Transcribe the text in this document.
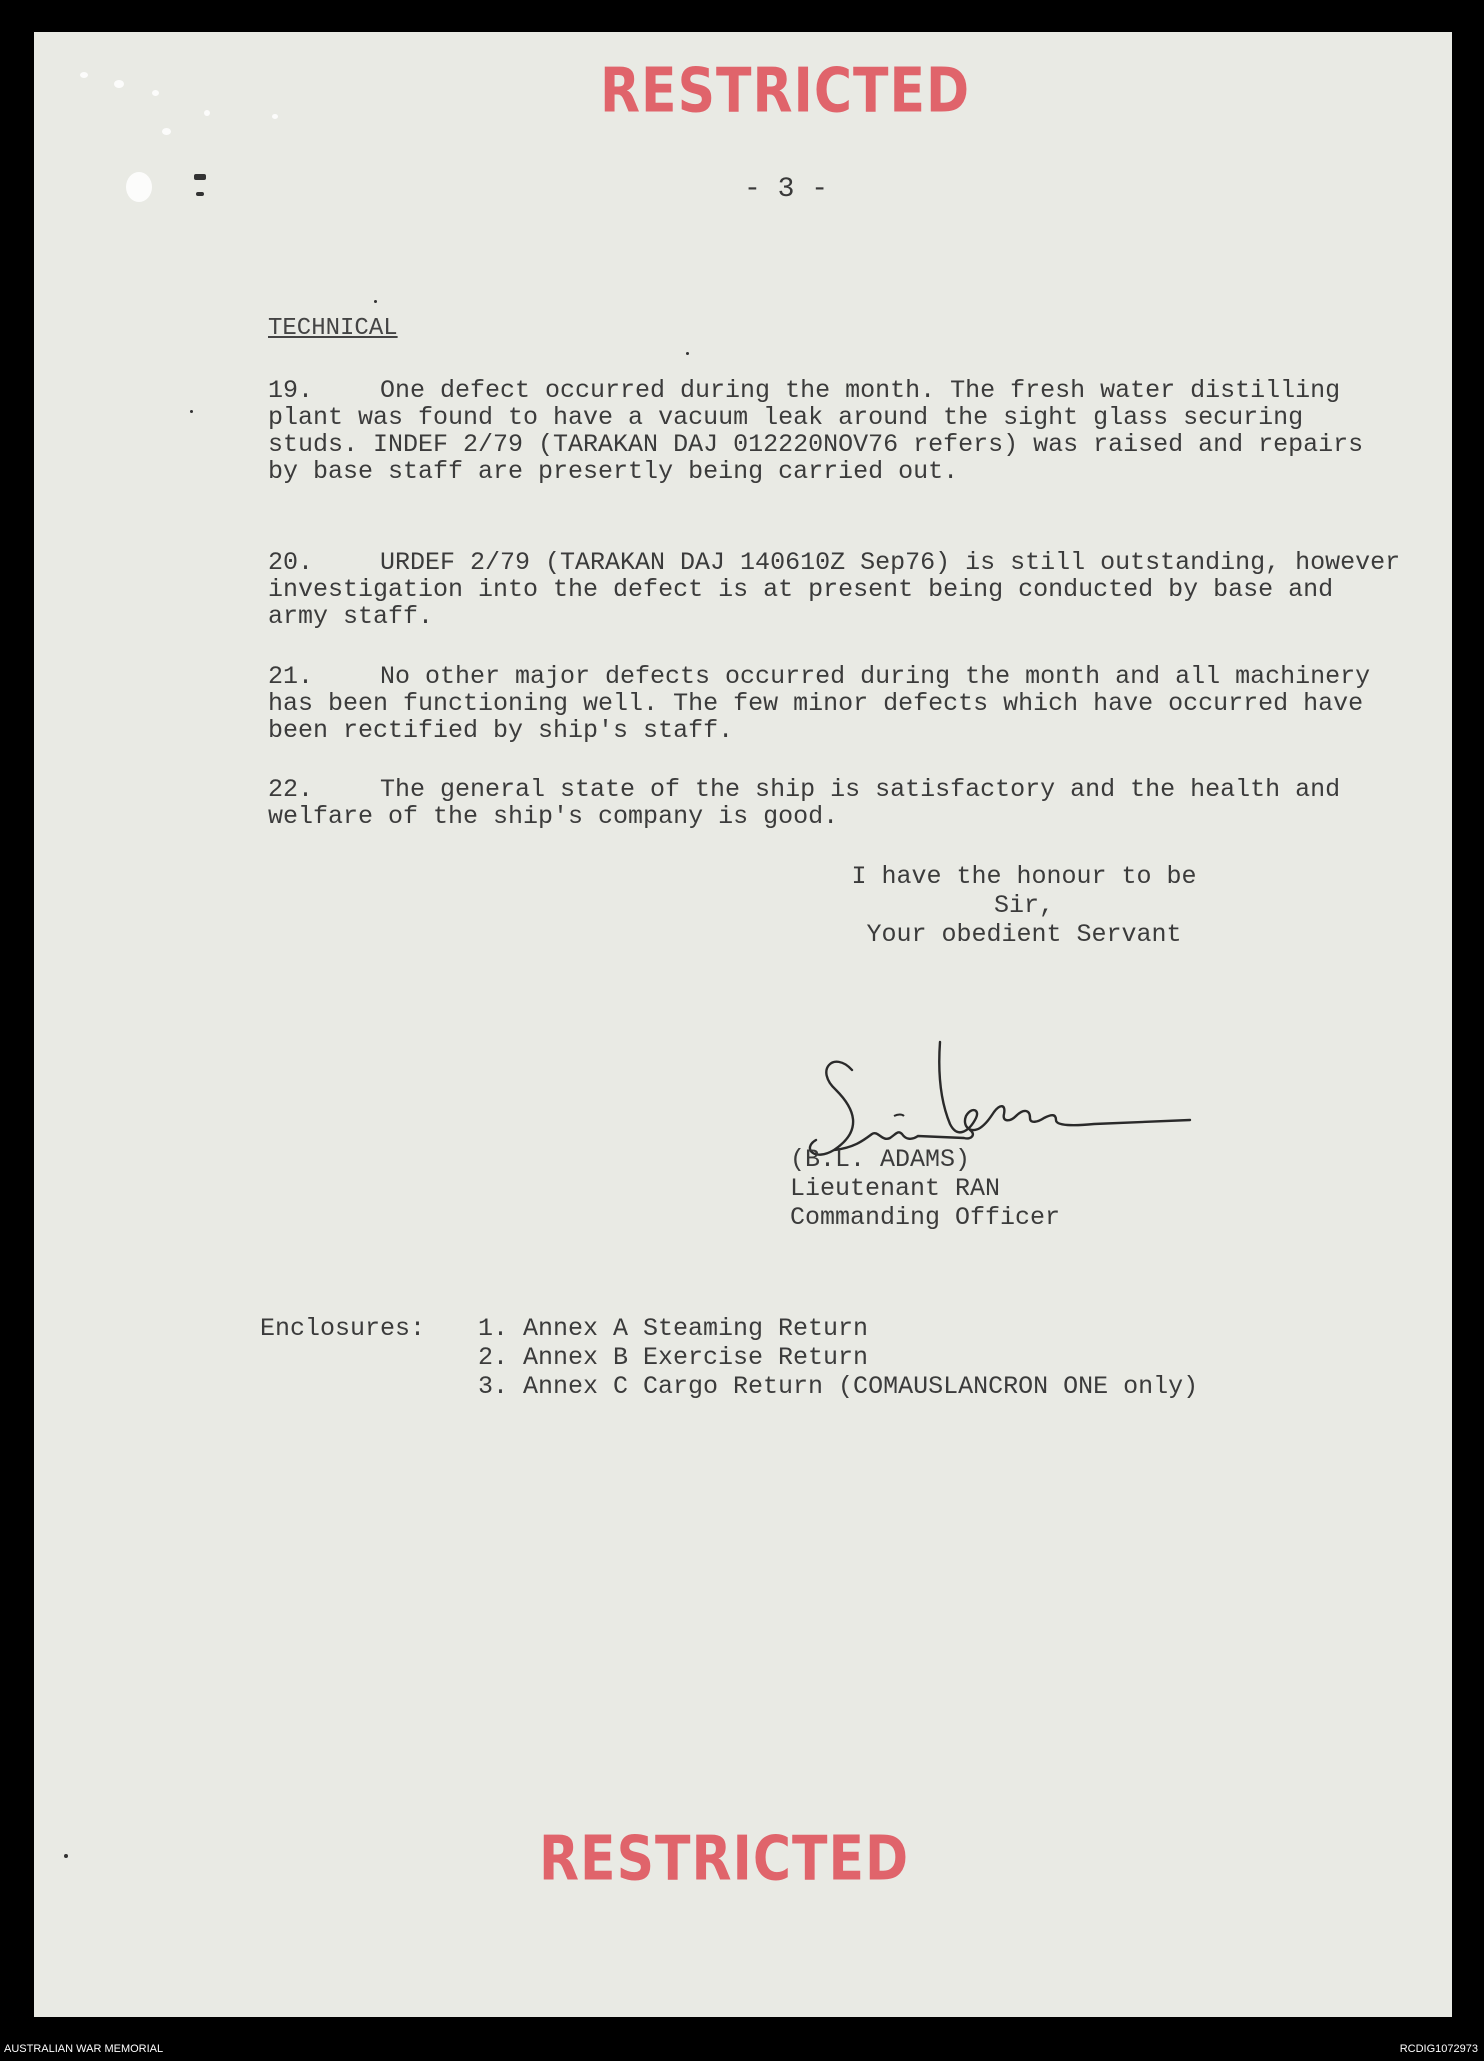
RESTRICTED
- 3 -
TECHNICAL

19.	One defect occurred during the month. The fresh water distilling plant was found to have a vacuum leak around the sight glass securing studs. INDEF 2/79 (TARAKAN DAJ 012220NOV76 refers) was raised and repairs by base staff are presertly being carried out.

20.	URDEF 2/79 (TARAKAN DAJ 140610Z Sep76) is still outstanding, however investigation into the defect is at present being conducted by base and army staff.

21.	No other major defects occurred during the month and all machinery has been functioning well. The few minor defects which have occurred have been rectified by ship's staff.

22.	The general state of the ship is satisfactory and the health and welfare of the ship's company is good.

I have the honour to be
Sir,
Your obedient Servant
(B.L. ADAMS)
Lieutenant RAN
Commanding Officer
Enclosures: 1. Annex A Steaming Return
2. Annex B Exercise Return
3. Annex C Cargo Return (COMAUSLANCRON ONE only)
RESTRICTED
AUSTRALIAN WAR MEMORIAL	RCDIG1072973
